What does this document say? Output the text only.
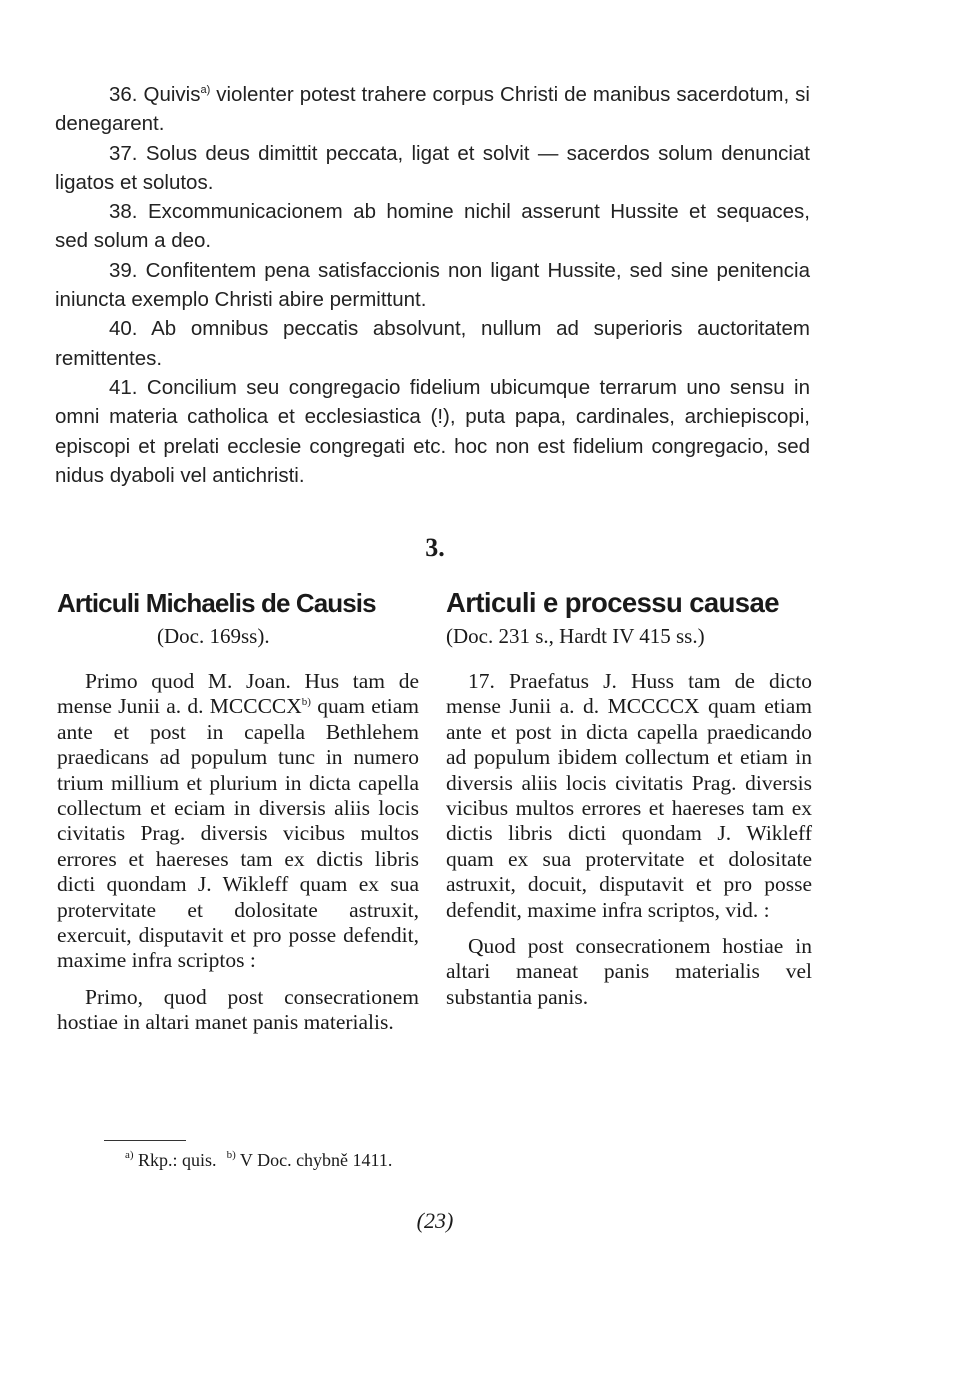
36. Quivis$^{a)}$ violenter potest trahere corpus Christi de manibus sacerdotum, si denegarent.

37. Solus deus dimittit peccata, ligat et solvit — sacerdos solum denunciat ligatos et solutos.

38. Excommunicacionem ab homine nichil asserunt Hussite et sequaces, sed solum a deo.

39. Confitentem pena satisfaccionis non ligant Hussite, sed sine penitencia iniuncta exemplo Christi abire permittunt.

40. Ab omnibus peccatis absolvunt, nullum ad superioris auctoritatem remittentes.

41. Concilium seu congregacio fidelium ubicumque terrarum uno sensu in omni materia catholica et ecclesiastica (!), puta papa, cardinales, archiepiscopi, episcopi et prelati ecclesie congregati etc. hoc non est fidelium congregacio, sed nidus dyaboli vel antichristi.

3.
Articuli Michaelis de Causis
(Doc. 169ss).

Primo quod M. Joan. Hus tam de mense Junii a. d. MCCCCX$^{b)}$ quam etiam ante et post in capella Bethlehem praedicans ad populum tunc in numero trium millium et plurium in dicta capella collectum et eciam in diversis aliis locis civitatis Prag. diversis vicibus multos errores et haereses tam ex dictis libris dicti quondam J. Wikleff quam ex sua protervitate et dolositate astruxit, exercuit, disputavit et pro posse defendit, maxime infra scriptos :

Primo, quod post consecrationem hostiae in altari manet panis materialis.

Articuli e processu causae
(Doc. 231 s., Hardt IV 415 ss.)

17. Praefatus J. Huss tam de dicto mense Junii a. d. MCCCCX quam etiam ante et post in dicta capella praedicando ad populum ibidem collectum et etiam in diversis aliis locis civitatis Prag. diversis vicibus multos errores et haereses tam ex dictis libris dicti quondam J. Wikleff quam ex sua protervitate et dolositate astruxit, docuit, disputavit et pro posse defendit, maxime infra scriptos, vid. :

Quod post consecrationem hostiae in altari maneat panis materialis vel substantia panis.

$^{a)}$ Rkp.: quis. $^{b)}$ V Doc. chybně 1411.
(23)
